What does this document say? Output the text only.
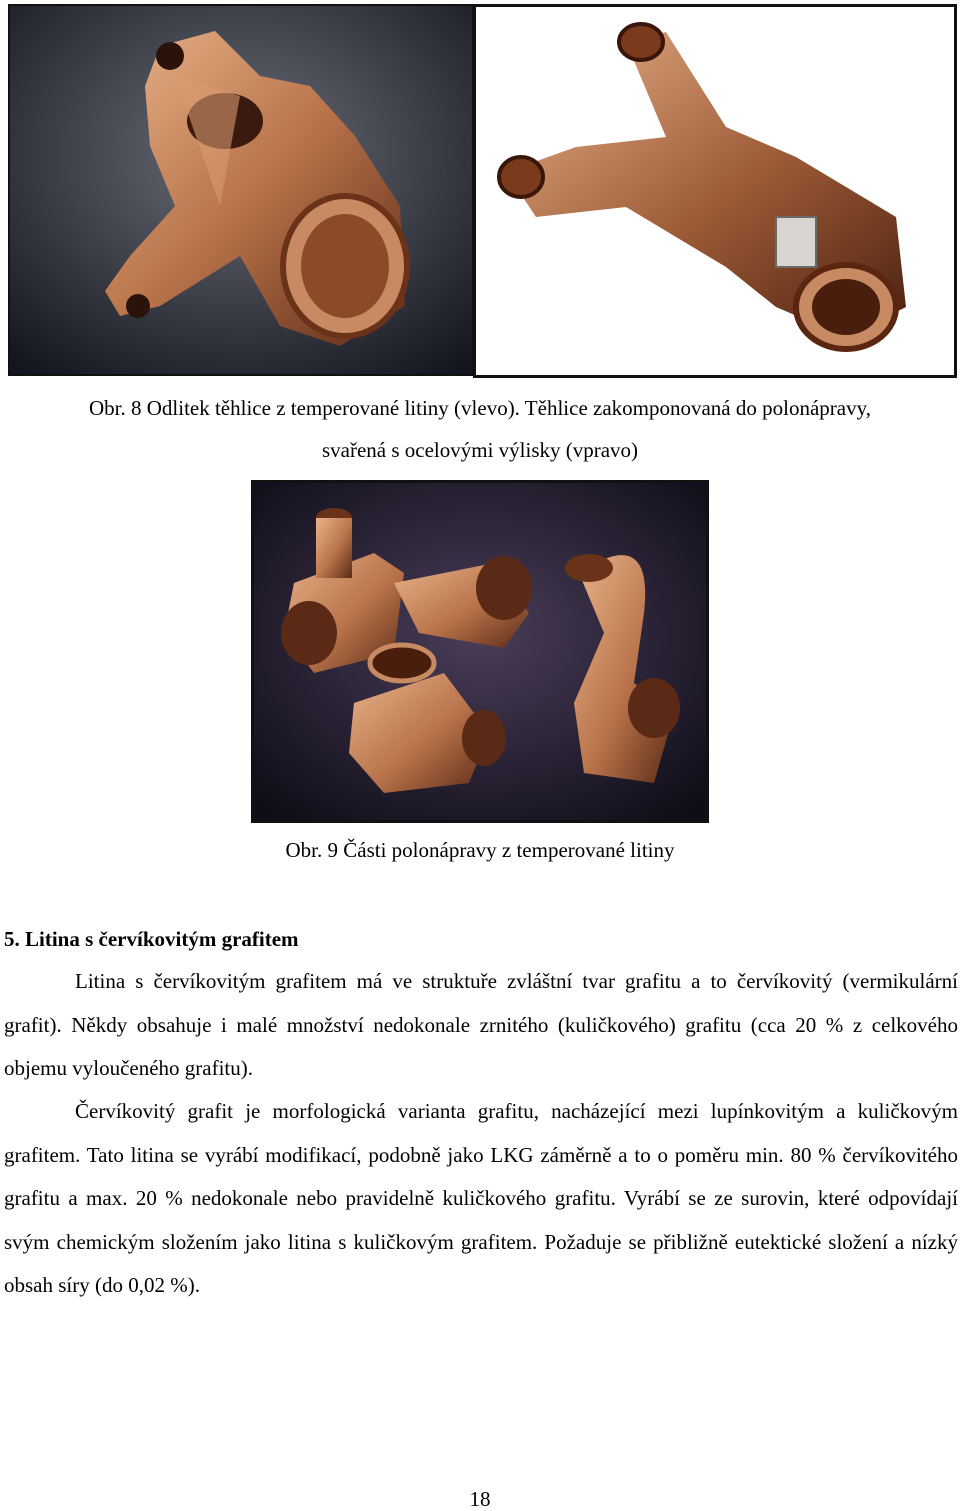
Obr. 8 Odlitek těhlice z temperované litiny (vlevo). Těhlice zakomponovaná do polonápravy,
svařená s ocelovými výlisky (vpravo)
Obr. 9 Části polonápravy z temperované litiny
5. Litina s červíkovitým grafitem

Litina s červíkovitým grafitem má ve struktuře zvláštní tvar grafitu a to červíkovitý (vermikulární grafit). Někdy obsahuje i malé množství nedokonale zrnitého (kuličkového) grafitu (cca 20 % z celkového objemu vyloučeného grafitu).

Červíkovitý grafit je morfologická varianta grafitu, nacházející mezi lupínkovitým a kuličkovým grafitem. Tato litina se vyrábí modifikací, podobně jako LKG záměrně a to o poměru min. 80 % červíkovitého grafitu a max. 20 % nedokonale nebo pravidelně kuličkového grafitu. Vyrábí se ze surovin, které odpovídají svým chemickým složením jako litina s kuličkovým grafitem. Požaduje se přibližně eutektické složení a nízký obsah síry (do 0,02 %).

18
